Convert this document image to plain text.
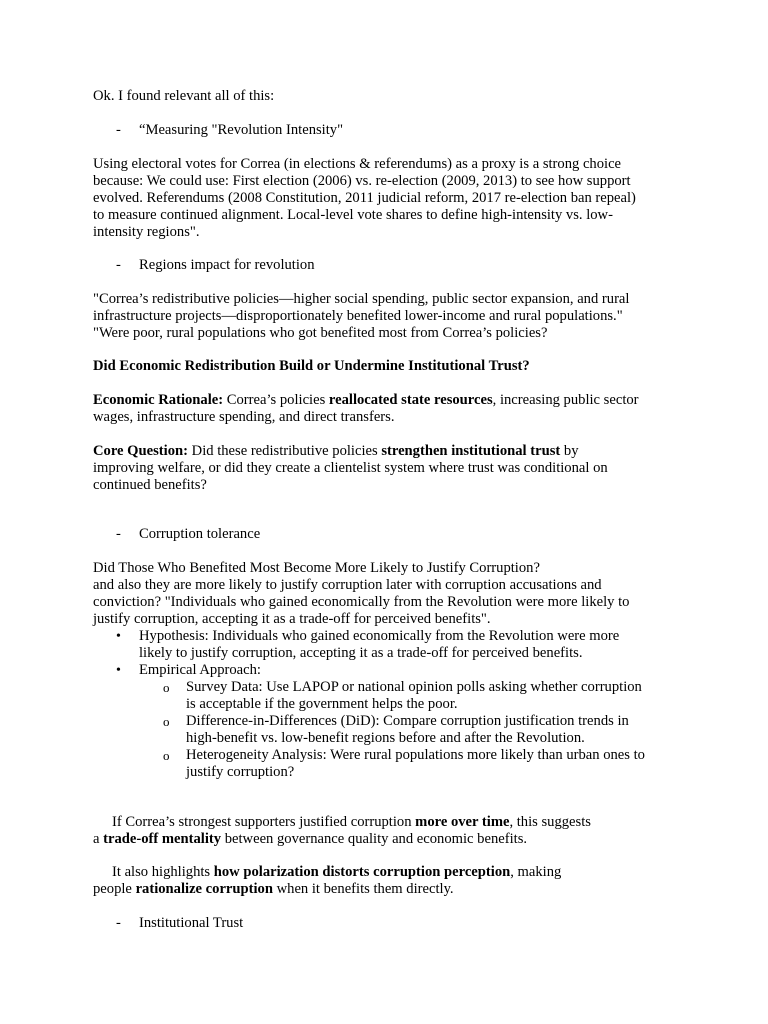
Ok. I found relevant all of this:

- “Measuring "Revolution Intensity"
Using electoral votes for Correa (in elections & referendums) as a proxy is a strong choice
because: We could use: First election (2006) vs. re-election (2009, 2013) to see how support
evolved. Referendums (2008 Constitution, 2011 judicial reform, 2017 re-election ban repeal)
to measure continued alignment. Local-level vote shares to define high-intensity vs. low-
intensity regions".
- Regions impact for revolution
"Correa’s redistributive policies—higher social spending, public sector expansion, and rural
infrastructure projects—disproportionately benefited lower-income and rural populations."
"Were poor, rural populations who got benefited most from Correa’s policies?

Did Economic Redistribution Build or Undermine Institutional Trust?

Economic Rationale: Correa’s policies reallocated state resources, increasing public sector
wages, infrastructure spending, and direct transfers.
Core Question: Did these redistributive policies strengthen institutional trust by
improving welfare, or did they create a clientelist system where trust was conditional on
continued benefits?
- Corruption tolerance
Did Those Who Benefited Most Become More Likely to Justify Corruption?
and also they are more likely to justify corruption later with corruption accusations and
conviction? "Individuals who gained economically from the Revolution were more likely to
justify corruption, accepting it as a trade-off for perceived benefits".
• Hypothesis: Individuals who gained economically from the Revolution were more
likely to justify corruption, accepting it as a trade-off for perceived benefits.
• Empirical Approach:
o Survey Data: Use LAPOP or national opinion polls asking whether corruption
is acceptable if the government helps the poor.
o Difference-in-Differences (DiD): Compare corruption justification trends in
high-benefit vs. low-benefit regions before and after the Revolution.
o Heterogeneity Analysis: Were rural populations more likely than urban ones to
justify corruption?

If Correa’s strongest supporters justified corruption more over time, this suggests

a trade-off mentality between governance quality and economic benefits.

It also highlights how polarization distorts corruption perception, making

people rationalize corruption when it benefits them directly.

- Institutional Trust
